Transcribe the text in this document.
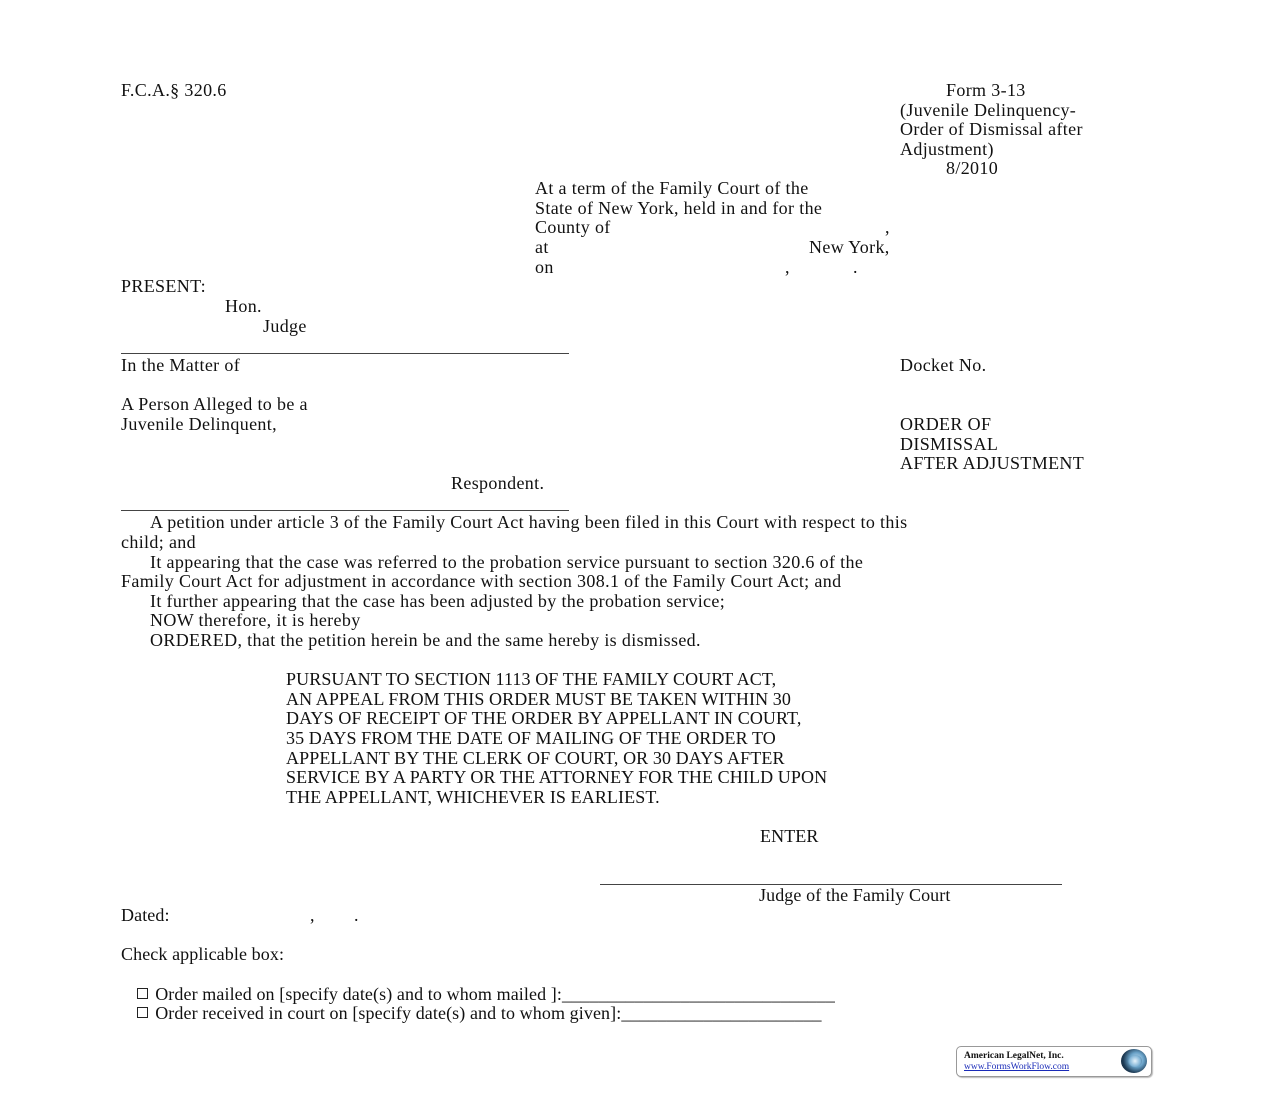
F.C.A.§ 320.6	Form 3-13
(Juvenile Delinquency-
Order of Dismissal after
Adjustment)
8/2010
At a term of the Family Court of the
State of New York, held in and for the
County of	,
at	New York,
on	,	.
PRESENT:
Hon.
Judge
In the Matter of	Docket No.
A Person Alleged to be a
Juvenile Delinquent,	ORDER OF
DISMISSAL
AFTER ADJUSTMENT
Respondent.
A petition under article 3 of the Family Court Act having been filed in this Court with respect to this
child; and
It appearing that the case was referred to the probation service pursuant to section 320.6 of the
Family Court Act for adjustment in accordance with section 308.1 of the Family Court Act; and
It further appearing that the case has been adjusted by the probation service;
NOW therefore, it is hereby
ORDERED, that the petition herein be and the same hereby is dismissed.
PURSUANT TO SECTION 1113 OF THE FAMILY COURT ACT,
AN APPEAL FROM THIS ORDER MUST BE TAKEN WITHIN 30
DAYS OF RECEIPT OF THE ORDER BY APPELLANT IN COURT,
35 DAYS FROM THE DATE OF MAILING OF THE ORDER TO
APPELLANT BY THE CLERK OF COURT, OR 30 DAYS AFTER
SERVICE BY A PARTY OR THE ATTORNEY FOR THE CHILD UPON
THE APPELLANT, WHICHEVER IS EARLIEST.
ENTER
Judge of the Family Court
Dated:	, .
Check applicable box:

Order mailed on [specify date(s) and to whom mailed ]:______________________________

Order received in court on [specify date(s) and to whom given]:______________________

American LegalNet, Inc.
www.FormsWorkFlow.com
